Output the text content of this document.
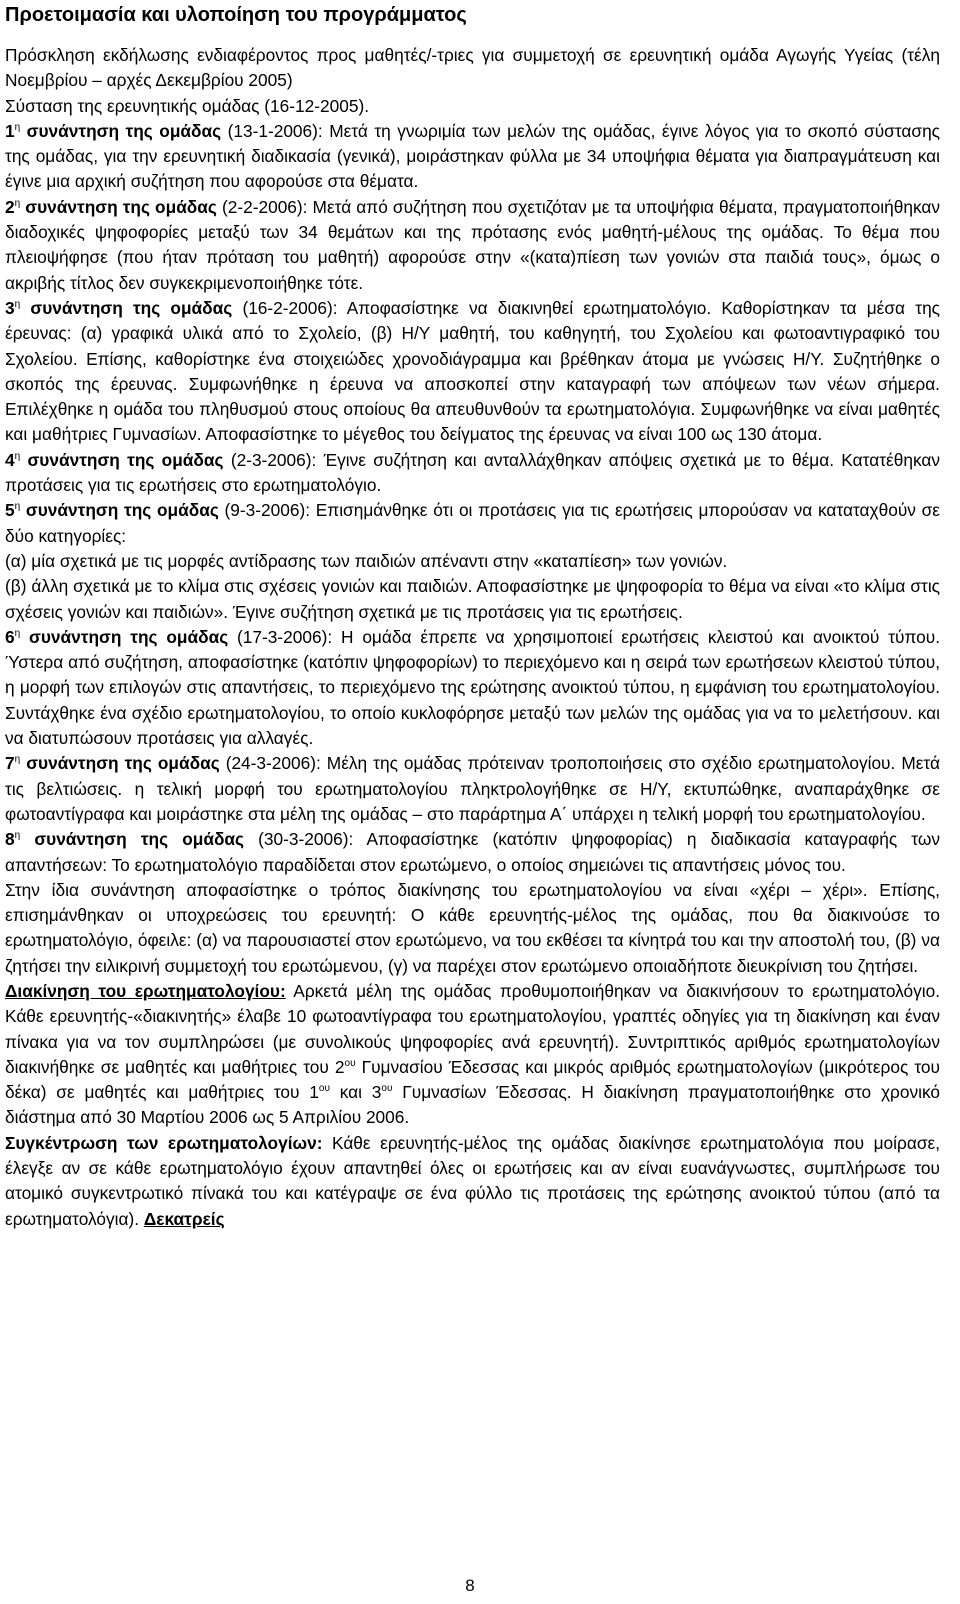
Προετοιμασία και υλοποίηση του προγράμματος

Πρόσκληση εκδήλωσης ενδιαφέροντος προς μαθητές/-τριες για συμμετοχή σε ερευνητική ομάδα Αγωγής Υγείας (τέλη Νοεμβρίου – αρχές Δεκεμβρίου 2005)

Σύσταση της ερευνητικής ομάδας (16-12-2005).

$1^\eta$ συνάντηση της ομάδας (13-1-2006): Μετά τη γνωριμία των μελών της ομάδας, έγινε λόγος για το σκοπό σύστασης της ομάδας, για την ερευνητική διαδικασία (γενικά), μοιράστηκαν φύλλα με 34 υποψήφια θέματα για διαπραγμάτευση και έγινε μια αρχική συζήτηση που αφορούσε στα θέματα.

$2^\eta$ συνάντηση της ομάδας (2-2-2006): Μετά από συζήτηση που σχετιζόταν με τα υποψήφια θέματα, πραγματοποιήθηκαν διαδοχικές ψηφοφορίες μεταξύ των 34 θεμάτων και της πρότασης ενός μαθητή-μέλους της ομάδας. Το θέμα που πλειοψήφησε (που ήταν πρόταση του μαθητή) αφορούσε στην «(κατα)πίεση των γονιών στα παιδιά τους», όμως ο ακριβής τίτλος δεν συγκεκριμενοποιήθηκε τότε.

$3^\eta$ συνάντηση της ομάδας (16-2-2006): Αποφασίστηκε να διακινηθεί ερωτηματολόγιο. Καθορίστηκαν τα μέσα της έρευνας: (α) γραφικά υλικά από το Σχολείο, (β) Η/Υ μαθητή, του καθηγητή, του Σχολείου και φωτοαντιγραφικό του Σχολείου. Επίσης, καθορίστηκε ένα στοιχειώδες χρονοδιάγραμμα και βρέθηκαν άτομα με γνώσεις Η/Υ. Συζητήθηκε ο σκοπός της έρευνας. Συμφωνήθηκε η έρευνα να αποσκοπεί στην καταγραφή των απόψεων των νέων σήμερα. Επιλέχθηκε η ομάδα του πληθυσμού στους οποίους θα απευθυνθούν τα ερωτηματολόγια. Συμφωνήθηκε να είναι μαθητές και μαθήτριες Γυμνασίων. Αποφασίστηκε το μέγεθος του δείγματος της έρευνας να είναι 100 ως 130 άτομα.

$4^\eta$ συνάντηση της ομάδας (2-3-2006): Έγινε συζήτηση και ανταλλάχθηκαν απόψεις σχετικά με το θέμα. Κατατέθηκαν προτάσεις για τις ερωτήσεις στο ερωτηματολόγιο.

$5^\eta$ συνάντηση της ομάδας (9-3-2006): Επισημάνθηκε ότι οι προτάσεις για τις ερωτήσεις μπορούσαν να καταταχθούν σε δύο κατηγορίες:

(α) μία σχετικά με τις μορφές αντίδρασης των παιδιών απέναντι στην «καταπίεση» των γονιών.

(β) άλλη σχετικά με το κλίμα στις σχέσεις γονιών και παιδιών. Αποφασίστηκε με ψηφοφορία το θέμα να είναι «το κλίμα στις σχέσεις γονιών και παιδιών». Έγινε συζήτηση σχετικά με τις προτάσεις για τις ερωτήσεις.

$6^\eta$ συνάντηση της ομάδας (17-3-2006): Η ομάδα έπρεπε να χρησιμοποιεί ερωτήσεις κλειστού και ανοικτού τύπου. Ύστερα από συζήτηση, αποφασίστηκε (κατόπιν ψηφοφορίων) το περιεχόμενο και η σειρά των ερωτήσεων κλειστού τύπου, η μορφή των επιλογών στις απαντήσεις, το περιεχόμενο της ερώτησης ανοικτού τύπου, η εμφάνιση του ερωτηματολογίου. Συντάχθηκε ένα σχέδιο ερωτηματολογίου, το οποίο κυκλοφόρησε μεταξύ των μελών της ομάδας για να το μελετήσουν. και να διατυπώσουν προτάσεις για αλλαγές.

$7^\eta$ συνάντηση της ομάδας (24-3-2006): Μέλη της ομάδας πρότειναν τροποποιήσεις στο σχέδιο ερωτηματολογίου. Μετά τις βελτιώσεις. η τελική μορφή του ερωτηματολογίου πληκτρολογήθηκε σε Η/Υ, εκτυπώθηκε, αναπαράχθηκε σε φωτοαντίγραφα και μοιράστηκε στα μέλη της ομάδας – στο παράρτημα Α΄ υπάρχει η τελική μορφή του ερωτηματολογίου.

$8^\eta$ συνάντηση της ομάδας (30-3-2006): Αποφασίστηκε (κατόπιν ψηφοφορίας) η διαδικασία καταγραφής των απαντήσεων: Το ερωτηματολόγιο παραδίδεται στον ερωτώμενο, ο οποίος σημειώνει τις απαντήσεις μόνος του.

Στην ίδια συνάντηση αποφασίστηκε ο τρόπος διακίνησης του ερωτηματολογίου να είναι «χέρι – χέρι». Επίσης, επισημάνθηκαν οι υποχρεώσεις του ερευνητή: Ο κάθε ερευνητής-μέλος της ομάδας, που θα διακινούσε το ερωτηματολόγιο, όφειλε: (α) να παρουσιαστεί στον ερωτώμενο, να του εκθέσει τα κίνητρά του και την αποστολή του, (β) να ζητήσει την ειλικρινή συμμετοχή του ερωτώμενου, (γ) να παρέχει στον ερωτώμενο οποιαδήποτε διευκρίνιση του ζητήσει.

Διακίνηση του ερωτηματολογίου: Αρκετά μέλη της ομάδας προθυμοποιήθηκαν να διακινήσουν το ερωτηματολόγιο. Κάθε ερευνητής-«διακινητής» έλαβε 10 φωτοαντίγραφα του ερωτηματολογίου, γραπτές οδηγίες για τη διακίνηση και έναν πίνακα για να τον συμπληρώσει (με συνολικούς ψηφοφορίες ανά ερευνητή). Συντριπτικός αριθμός ερωτηματολογίων διακινήθηκε σε μαθητές και μαθήτριες του $2^{o\upsilon}$ Γυμνασίου Έδεσσας και μικρός αριθμός ερωτηματολογίων (μικρότερος του δέκα) σε μαθητές και μαθήτριες του $1^{o\upsilon}$ και $3^{o\upsilon}$ Γυμνασίων Έδεσσας. Η διακίνηση πραγματοποιήθηκε στο χρονικό διάστημα από 30 Μαρτίου 2006 ως 5 Απριλίου 2006.

Συγκέντρωση των ερωτηματολογίων: Κάθε ερευνητής-μέλος της ομάδας διακίνησε ερωτηματολόγια που μοίρασε, έλεγξε αν σε κάθε ερωτηματολόγιο έχουν απαντηθεί όλες οι ερωτήσεις και αν είναι ευανάγνωστες, συμπλήρωσε του ατομικό συγκεντρωτικό πίνακά του και κατέγραψε σε ένα φύλλο τις προτάσεις της ερώτησης ανοικτού τύπου (από τα ερωτηματολόγια). Δεκατρείς

8
